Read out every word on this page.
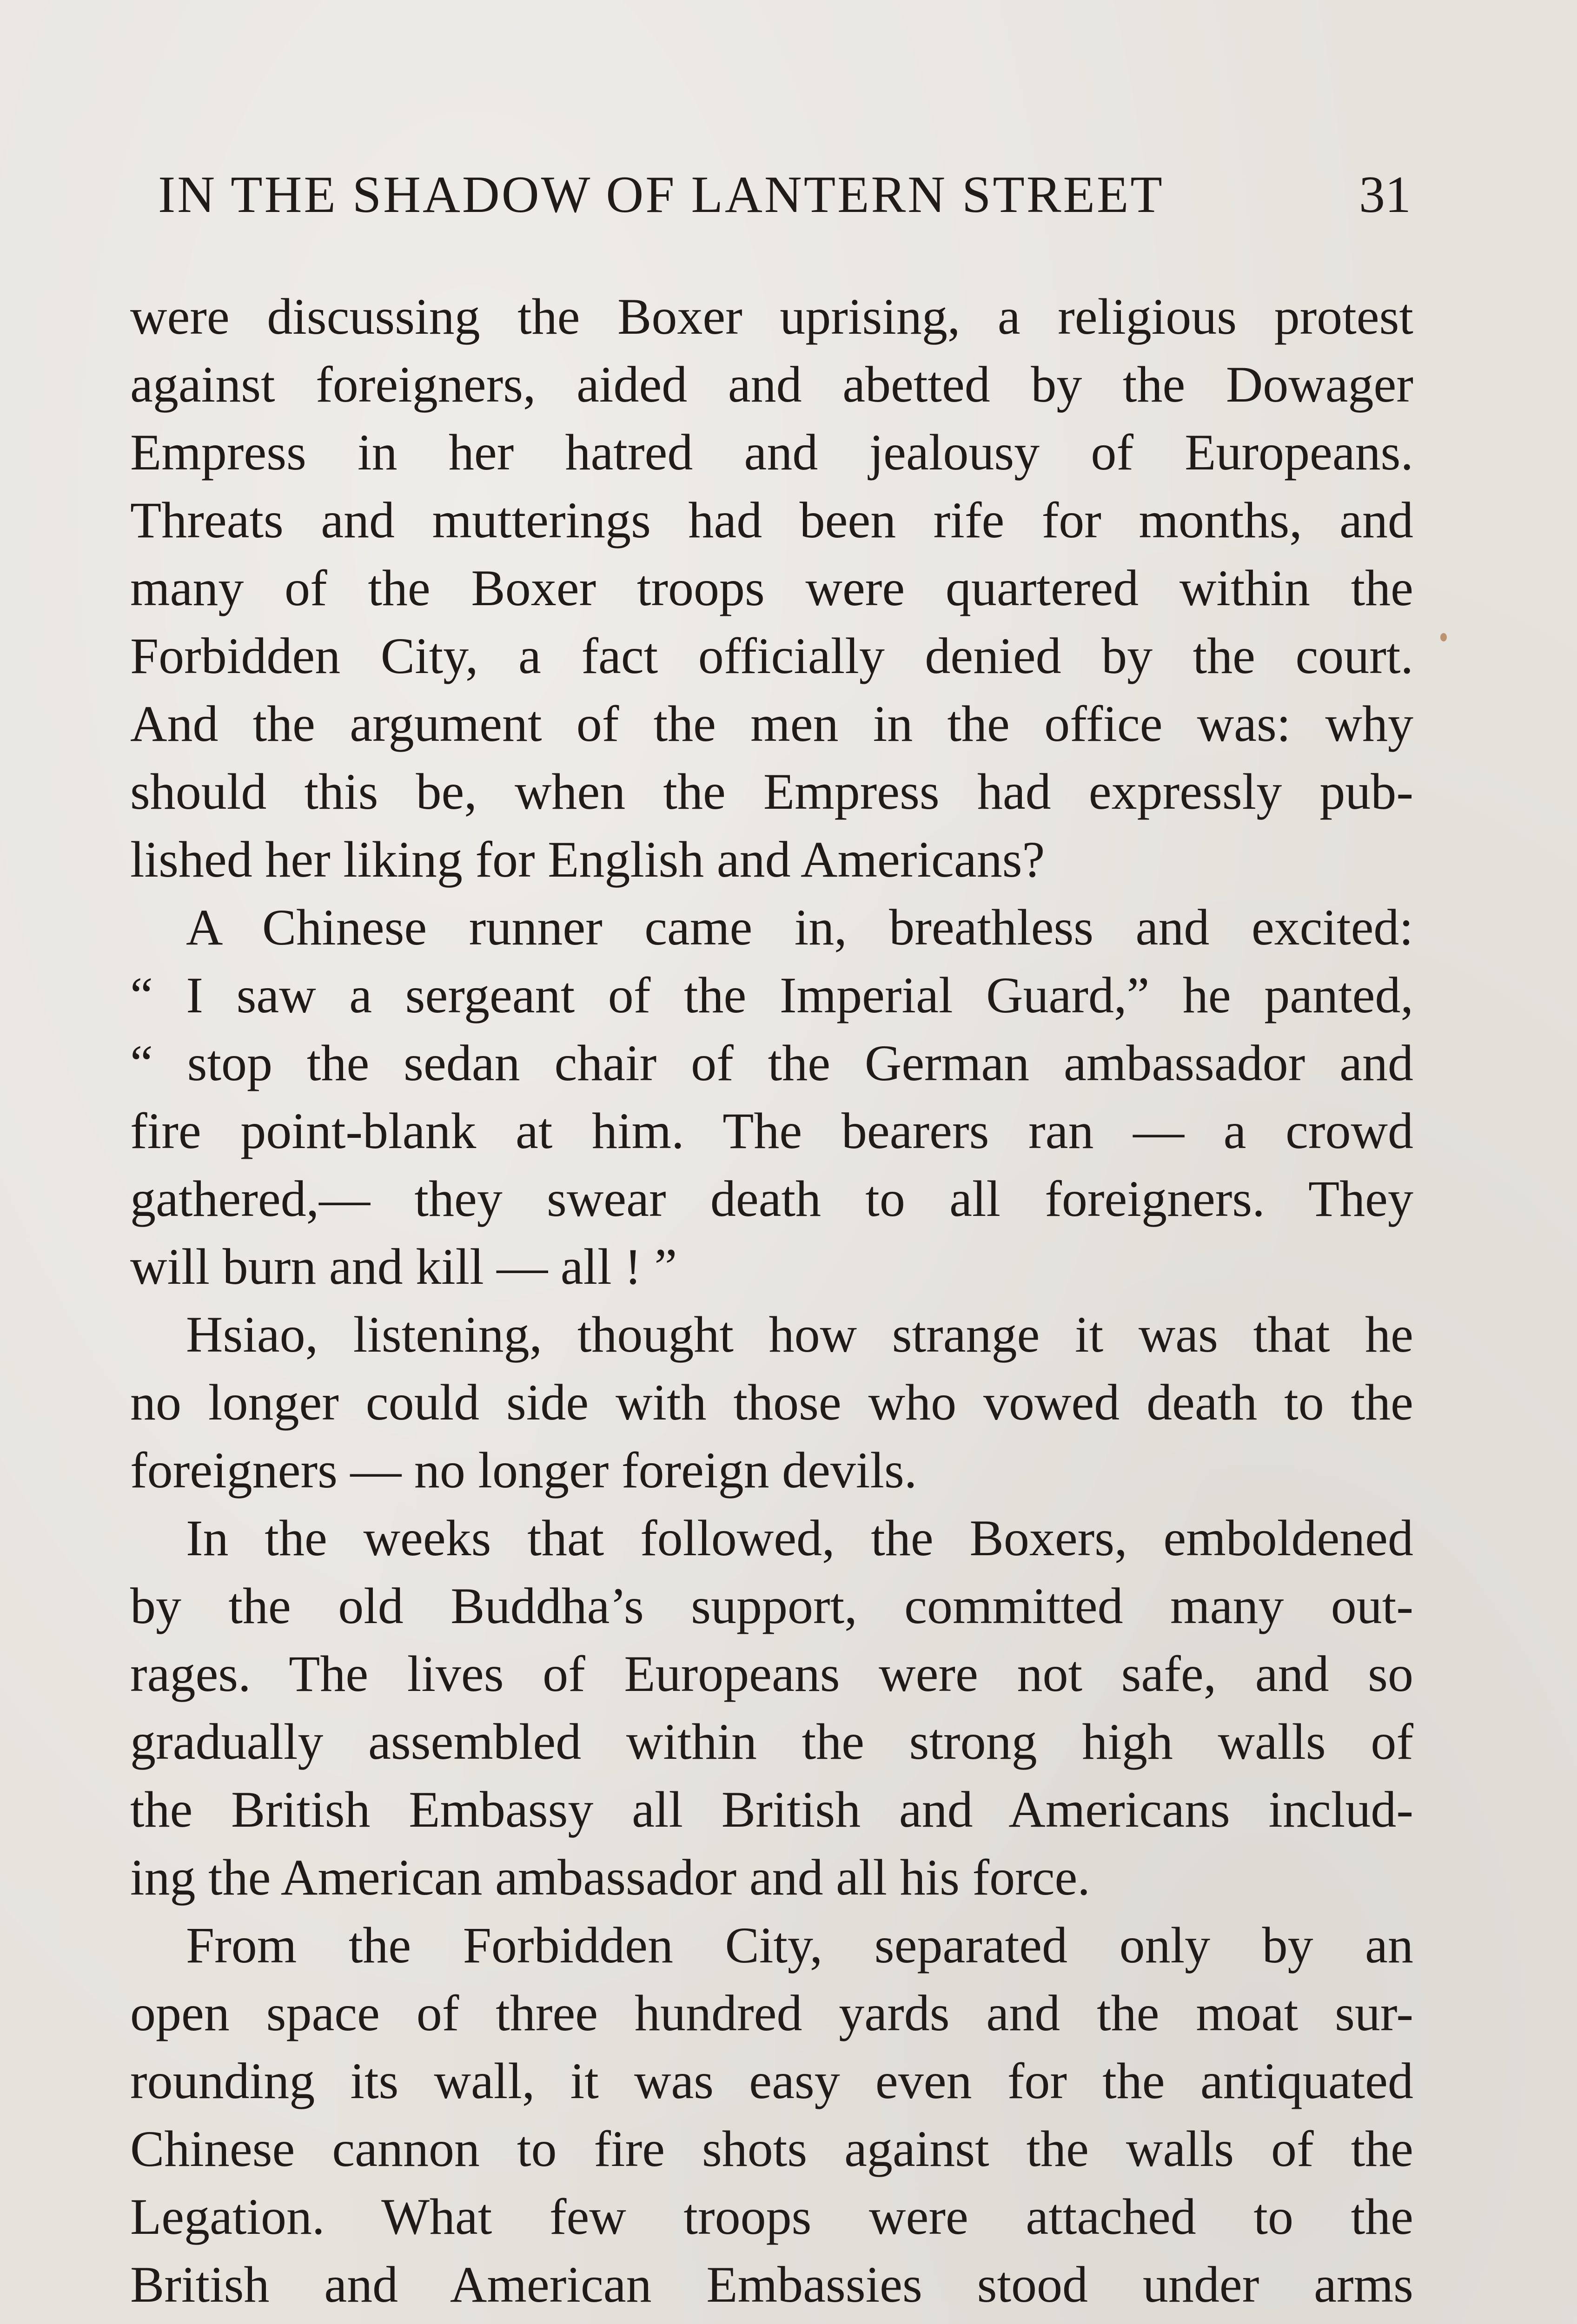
IN THE SHADOW OF LANTERN STREET	31
were discussing the Boxer uprising, a religious protest
against foreigners, aided and abetted by the Dowager
Empress in her hatred and jealousy of Europeans.
Threats and mutterings had been rife for months, and
many of the Boxer troops were quartered within the
Forbidden City, a fact officially denied by the court.
And the argument of the men in the office was: why
should this be, when the Empress had expressly pub-
lished her liking for English and Americans?
A Chinese runner came in, breathless and excited:
“ I saw a sergeant of the Imperial Guard,” he panted,
“ stop the sedan chair of the German ambassador and
fire point-blank at him. The bearers ran — a crowd
gathered,— they swear death to all foreigners. They
will burn and kill — all ! ”
Hsiao, listening, thought how strange it was that he
no longer could side with those who vowed death to the
foreigners — no longer foreign devils.
In the weeks that followed, the Boxers, emboldened
by the old Buddha’s support, committed many out-
rages. The lives of Europeans were not safe, and so
gradually assembled within the strong high walls of
the British Embassy all British and Americans includ-
ing the American ambassador and all his force.
From the Forbidden City, separated only by an
open space of three hundred yards and the moat sur-
rounding its wall, it was easy even for the antiquated
Chinese cannon to fire shots against the walls of the
Legation. What few troops were attached to the
British and American Embassies stood under arms
